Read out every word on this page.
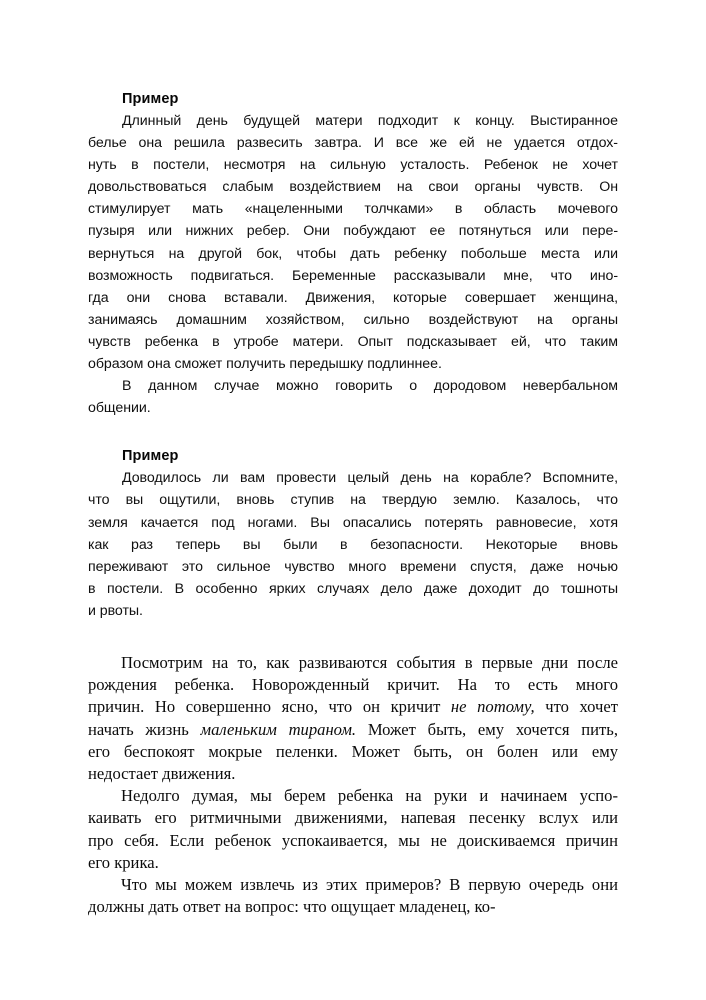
Пример

Длинный день будущей матери подходит к концу. Выстиранное
белье она решила развесить завтра. И все же ей не удается отдох-
нуть в постели, несмотря на сильную усталость. Ребенок не хочет
довольствоваться слабым воздействием на свои органы чувств. Он
стимулирует мать «нацеленными толчками» в область мочевого
пузыря или нижних ребер. Они побуждают ее потянуться или пере-
вернуться на другой бок, чтобы дать ребенку побольше места или
возможность подвигаться. Беременные рассказывали мне, что ино-
гда они снова вставали. Движения, которые совершает женщина,
занимаясь домашним хозяйством, сильно воздействуют на органы
чувств ребенка в утробе матери. Опыт подсказывает ей, что таким
образом она сможет получить передышку подлиннее.

В данном случае можно говорить о дородовом невербальном
общении.

Пример

Доводилось ли вам провести целый день на корабле? Вспомните,
что вы ощутили, вновь ступив на твердую землю. Казалось, что
земля качается под ногами. Вы опасались потерять равновесие, хотя
как раз теперь вы были в безопасности. Некоторые вновь
переживают это сильное чувство много времени спустя, даже ночью
в постели. В особенно ярких случаях дело даже доходит до тошноты
и рвоты.

Посмотрим на то, как развиваются события в первые дни после
рождения ребенка. Новорожденный кричит. На то есть много
причин. Но совершенно ясно, что он кричит не потому, что хочет
начать жизнь маленьким тираном. Может быть, ему хочется пить,
его беспокоят мокрые пеленки. Может быть, он болен или ему
недостает движения.

Недолго думая, мы берем ребенка на руки и начинаем успо-
каивать его ритмичными движениями, напевая песенку вслух или
про себя. Если ребенок успокаивается, мы не доискиваемся причин
его крика.

Что мы можем извлечь из этих примеров? В первую очередь они
должны дать ответ на вопрос: что ощущает младенец, ко-
